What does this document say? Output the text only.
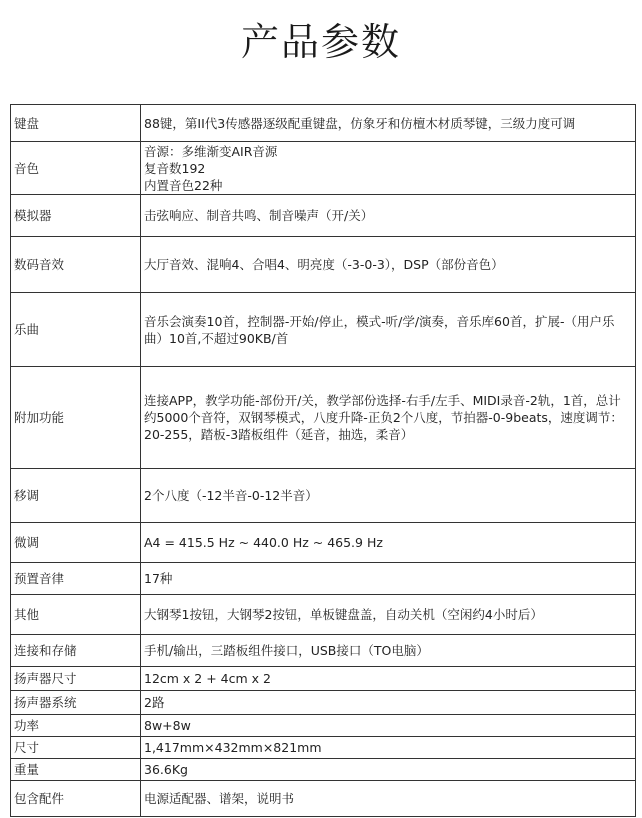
产品参数
键盘	88键，第II代3传感器逐级配重键盘，仿象牙和仿檀木材质琴键，三级力度可调
音色	音源：多维渐变AIR音源
复音数192
内置音色22种

模拟器	击弦响应、制音共鸣、制音噪声（开/关）
数码音效	大厅音效、混响4、合唱4、明亮度（-3-0-3），DSP（部份音色）
乐曲	音乐会演奏10首，控制器-开始/停止，模式-听/学/演奏，音乐库60首，扩展-（用户乐曲）10首,不超过90KB/首
附加功能	连接APP，教学功能-部份开/关，教学部份选择-右手/左手、MIDI录音-2轨，1首，总计约5000个音符，双钢琴模式，八度升降-正负2个八度，节拍器-0-9beats，速度调节：20-255，踏板-3踏板组件（延音，抽选，柔音）
移调	2个八度（-12半音-0-12半音）
微调	A4 = 415.5 Hz ~ 440.0 Hz ~ 465.9 Hz
预置音律	17种
其他	大钢琴1按钮，大钢琴2按钮，单板键盘盖，自动关机（空闲约4小时后）
连接和存储	手机/输出，三踏板组件接口，USB接口（TO电脑）
扬声器尺寸	12cm x 2 + 4cm x 2
扬声器系统	2路
功率	8w+8w
尺寸	1,417mm×432mm×821mm
重量	36.6Kg
包含配件	电源适配器、谱架，说明书
